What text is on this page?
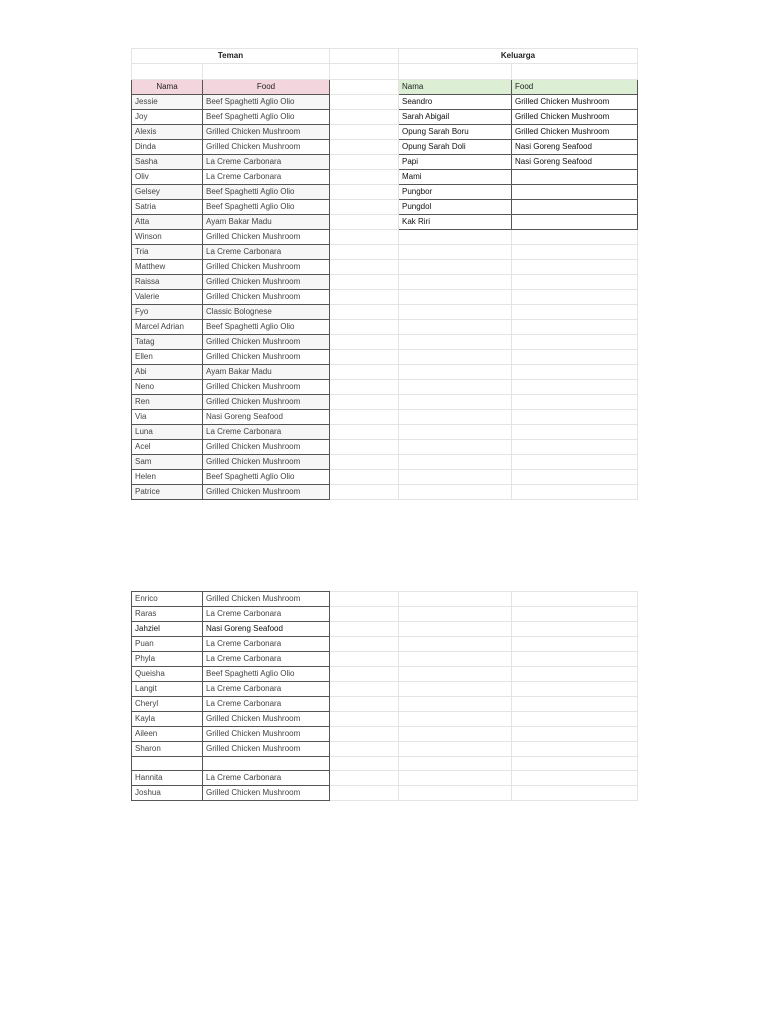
Teman			Keluarga	

Nama	Food		Nama	Food
Jessie	Beef Spaghetti Aglio Olio		Seandro	Grilled Chicken Mushroom
Joy	Beef Spaghetti Aglio Olio		Sarah Abigail	Grilled Chicken Mushroom
Alexis	Grilled Chicken Mushroom		Opung Sarah Boru	Grilled Chicken Mushroom
Dinda	Grilled Chicken Mushroom		Opung Sarah Doli	Nasi Goreng Seafood
Sasha	La Creme Carbonara		Papi	Nasi Goreng Seafood
Oliv	La Creme Carbonara		Mami	
Gelsey	Beef Spaghetti Aglio Olio		Pungbor	
Satria	Beef Spaghetti Aglio Olio		Pungdol	
Atta	Ayam Bakar Madu		Kak Riri	
Winson	Grilled Chicken Mushroom			
Tria	La Creme Carbonara			
Matthew	Grilled Chicken Mushroom			
Raissa	Grilled Chicken Mushroom			
Valerie	Grilled Chicken Mushroom			
Fyo	Classic Bolognese			
Marcel Adrian	Beef Spaghetti Aglio Olio			
Tatag	Grilled Chicken Mushroom			
Ellen	Grilled Chicken Mushroom			
Abi	Ayam Bakar Madu			
Neno	Grilled Chicken Mushroom			
Ren	Grilled Chicken Mushroom			
Via	Nasi Goreng Seafood			
Luna	La Creme Carbonara			
Acel	Grilled Chicken Mushroom			
Sam	Grilled Chicken Mushroom			
Helen	Beef Spaghetti Aglio Olio			
Patrice	Grilled Chicken Mushroom			
Enrico	Grilled Chicken Mushroom			
Raras	La Creme Carbonara			
Jahziel	Nasi Goreng Seafood			
Puan	La Creme Carbonara			
Phyla	La Creme Carbonara			
Queisha	Beef Spaghetti Aglio Olio			
Langit	La Creme Carbonara			
Cheryl	La Creme Carbonara			
Kayla	Grilled Chicken Mushroom			
Aileen	Grilled Chicken Mushroom			
Sharon	Grilled Chicken Mushroom			

Hannita	La Creme Carbonara			
Joshua	Grilled Chicken Mushroom			
